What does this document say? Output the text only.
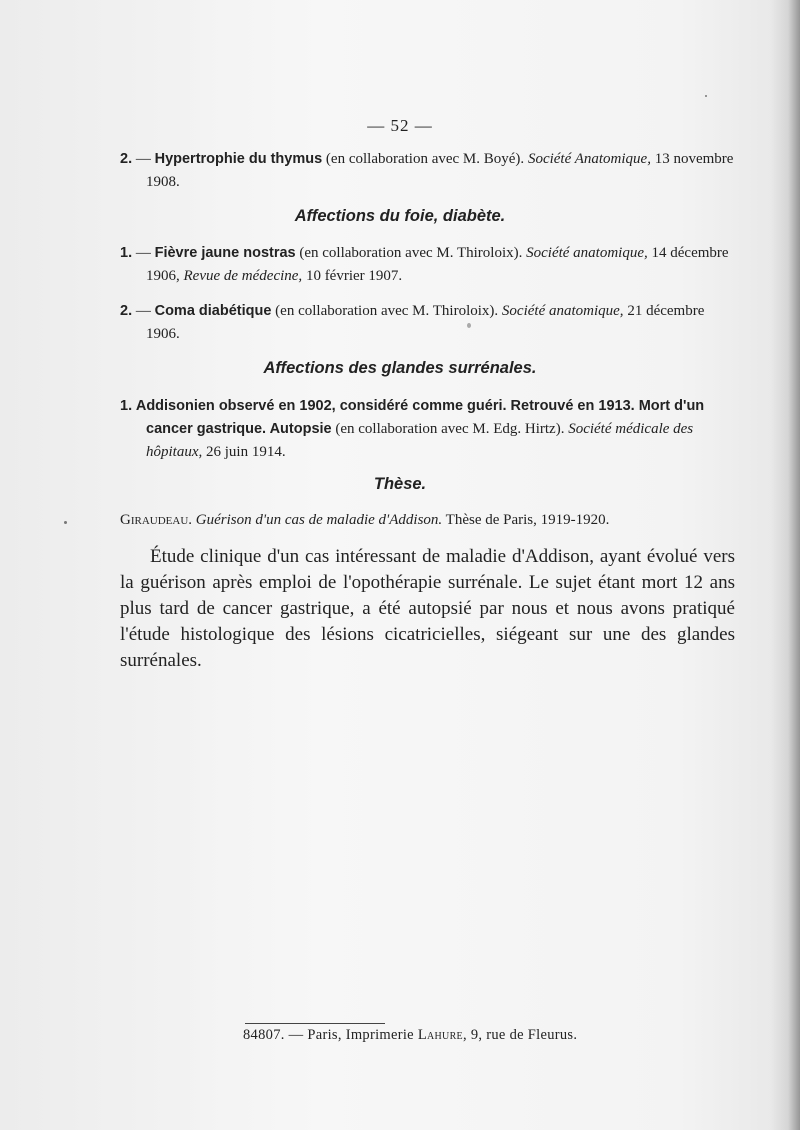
— 52 —
2. — Hypertrophie du thymus (en collaboration avec M. Boyé). Société Anatomique, 13 novembre 1908.
Affections du foie, diabète.
1. — Fièvre jaune nostras (en collaboration avec M. Thiroloix). Société anatomique, 14 décembre 1906, Revue de médecine, 10 février 1907.
2. — Coma diabétique (en collaboration avec M. Thiroloix). Société anatomique, 21 décembre 1906.
Affections des glandes surrénales.
1. Addisonien observé en 1902, considéré comme guéri. Retrouvé en 1913. Mort d'un cancer gastrique. Autopsie (en collaboration avec M. Edg. Hirtz). Société médicale des hôpitaux, 26 juin 1914.
Thèse.
Giraudeau. Guérison d'un cas de maladie d'Addison. Thèse de Paris, 1919-1920.
Étude clinique d'un cas intéressant de maladie d'Addison, ayant évolué vers la guérison après emploi de l'opothérapie surrénale. Le sujet étant mort 12 ans plus tard de cancer gastrique, a été autopsié par nous et nous avons pratiqué l'étude histologique des lésions cicatricielles, siégeant sur une des glandes surrénales.
84807. — Paris, Imprimerie Lahure, 9, rue de Fleurus.
